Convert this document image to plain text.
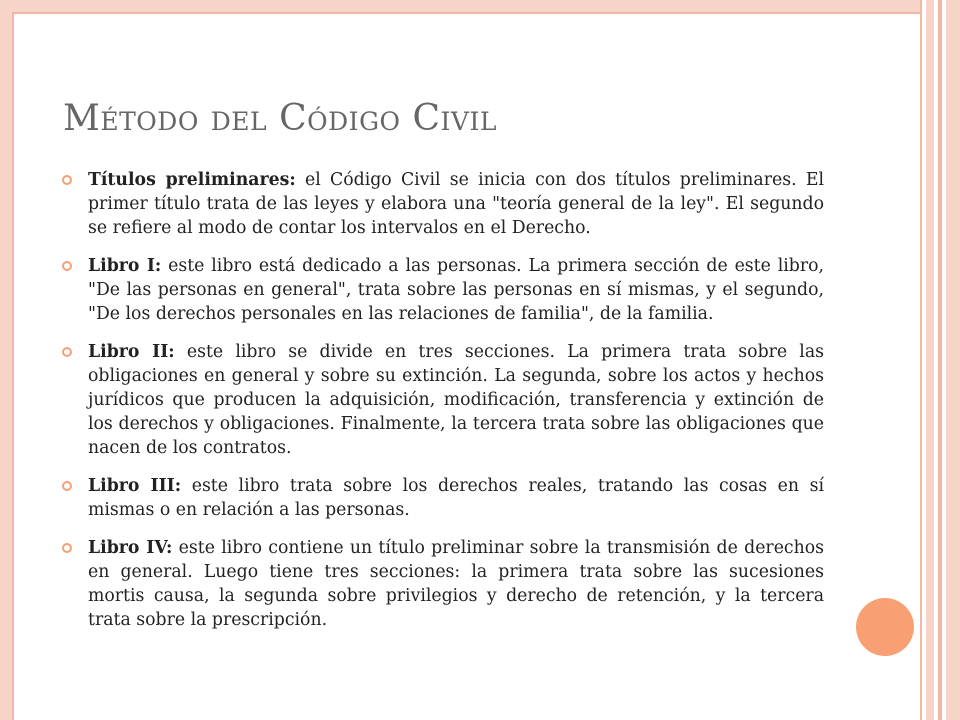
Método del Código Civil
Títulos preliminares: el Código Civil se inicia con dos títulos preliminares. El primer título trata de las leyes y elabora una "teoría general de la ley". El segundo se refiere al modo de contar los intervalos en el Derecho.
Libro I: este libro está dedicado a las personas. La primera sección de este libro, "De las personas en general", trata sobre las personas en sí mismas, y el segundo, "De los derechos personales en las relaciones de familia", de la familia.
Libro II: este libro se divide en tres secciones. La primera trata sobre las obligaciones en general y sobre su extinción. La segunda, sobre los actos y hechos jurídicos que producen la adquisición, modificación, transferencia y extinción de los derechos y obligaciones. Finalmente, la tercera trata sobre las obligaciones que nacen de los contratos.
Libro III: este libro trata sobre los derechos reales, tratando las cosas en sí mismas o en relación a las personas.
Libro IV: este libro contiene un título preliminar sobre la transmisión de derechos en general. Luego tiene tres secciones: la primera trata sobre las sucesiones mortis causa, la segunda sobre privilegios y derecho de retención, y la tercera trata sobre la prescripción.
